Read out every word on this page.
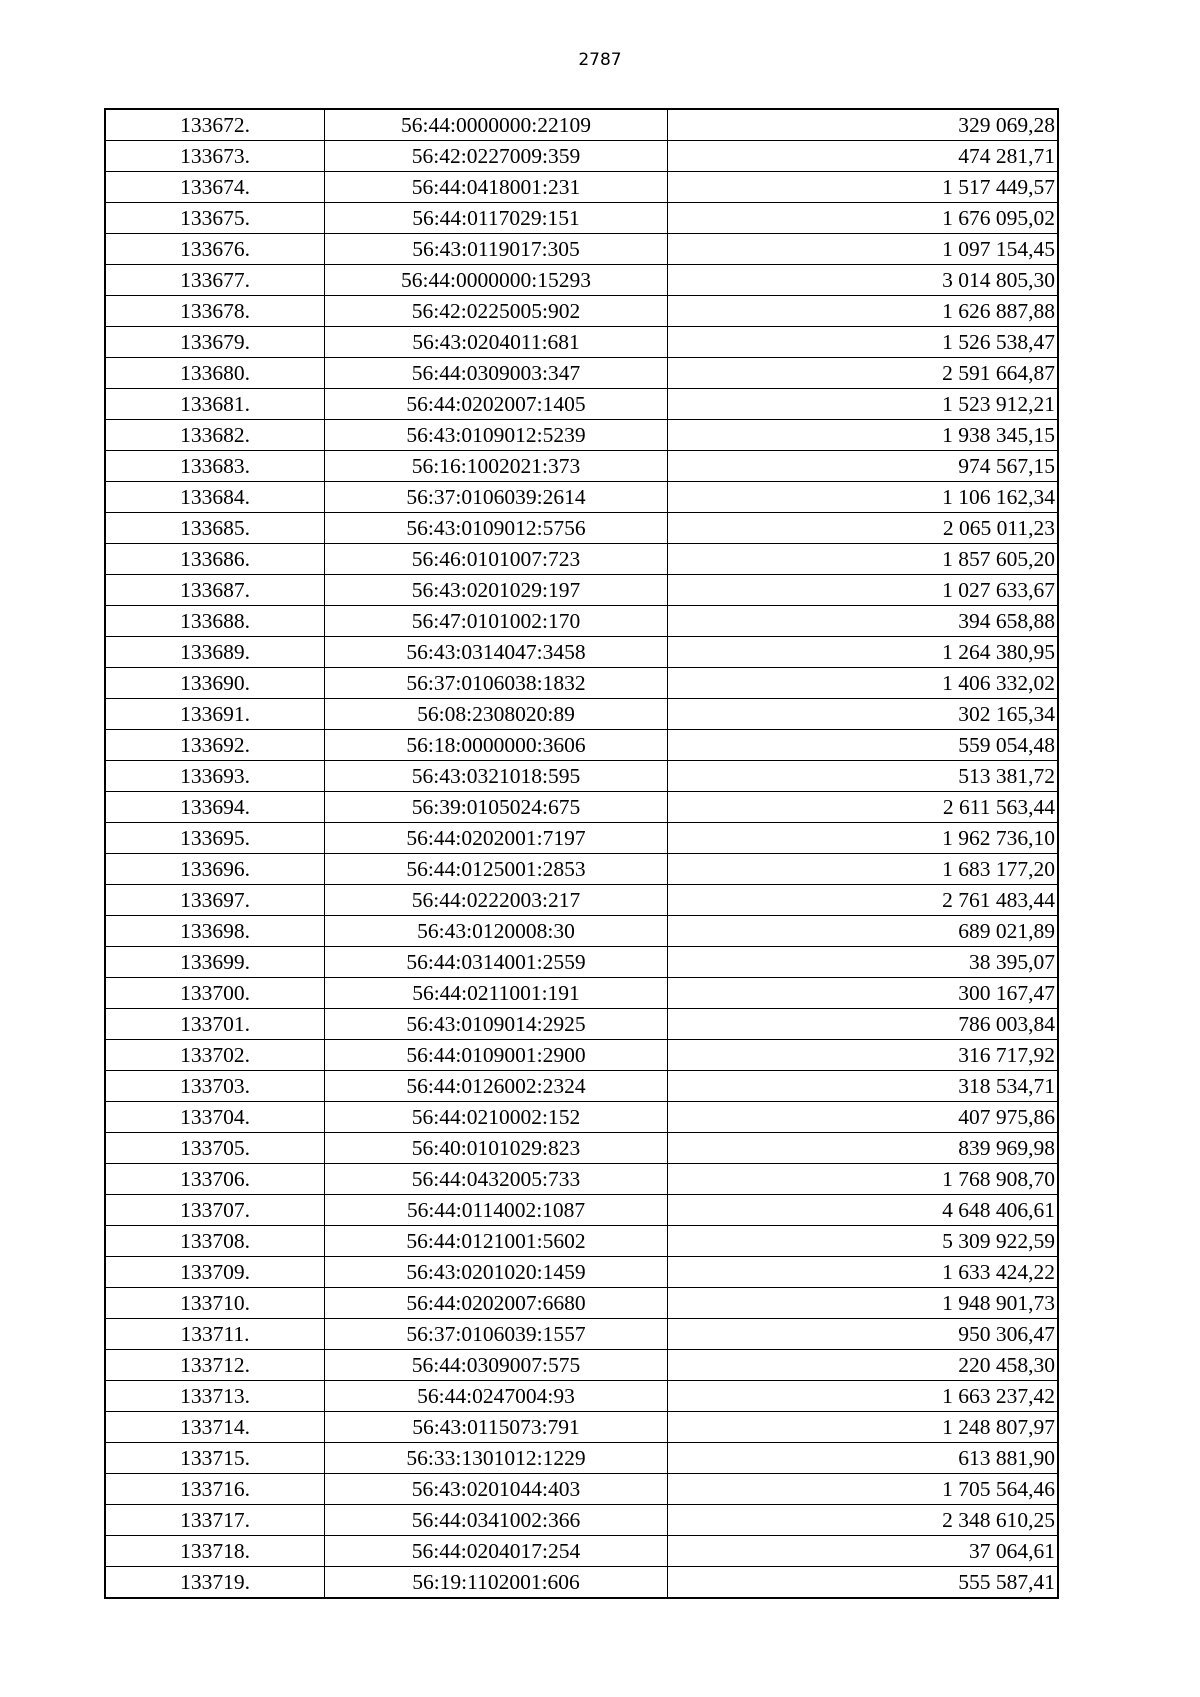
2787
133672.	56:44:0000000:22109	329 069,28
133673.	56:42:0227009:359	474 281,71
133674.	56:44:0418001:231	1 517 449,57
133675.	56:44:0117029:151	1 676 095,02
133676.	56:43:0119017:305	1 097 154,45
133677.	56:44:0000000:15293	3 014 805,30
133678.	56:42:0225005:902	1 626 887,88
133679.	56:43:0204011:681	1 526 538,47
133680.	56:44:0309003:347	2 591 664,87
133681.	56:44:0202007:1405	1 523 912,21
133682.	56:43:0109012:5239	1 938 345,15
133683.	56:16:1002021:373	974 567,15
133684.	56:37:0106039:2614	1 106 162,34
133685.	56:43:0109012:5756	2 065 011,23
133686.	56:46:0101007:723	1 857 605,20
133687.	56:43:0201029:197	1 027 633,67
133688.	56:47:0101002:170	394 658,88
133689.	56:43:0314047:3458	1 264 380,95
133690.	56:37:0106038:1832	1 406 332,02
133691.	56:08:2308020:89	302 165,34
133692.	56:18:0000000:3606	559 054,48
133693.	56:43:0321018:595	513 381,72
133694.	56:39:0105024:675	2 611 563,44
133695.	56:44:0202001:7197	1 962 736,10
133696.	56:44:0125001:2853	1 683 177,20
133697.	56:44:0222003:217	2 761 483,44
133698.	56:43:0120008:30	689 021,89
133699.	56:44:0314001:2559	38 395,07
133700.	56:44:0211001:191	300 167,47
133701.	56:43:0109014:2925	786 003,84
133702.	56:44:0109001:2900	316 717,92
133703.	56:44:0126002:2324	318 534,71
133704.	56:44:0210002:152	407 975,86
133705.	56:40:0101029:823	839 969,98
133706.	56:44:0432005:733	1 768 908,70
133707.	56:44:0114002:1087	4 648 406,61
133708.	56:44:0121001:5602	5 309 922,59
133709.	56:43:0201020:1459	1 633 424,22
133710.	56:44:0202007:6680	1 948 901,73
133711.	56:37:0106039:1557	950 306,47
133712.	56:44:0309007:575	220 458,30
133713.	56:44:0247004:93	1 663 237,42
133714.	56:43:0115073:791	1 248 807,97
133715.	56:33:1301012:1229	613 881,90
133716.	56:43:0201044:403	1 705 564,46
133717.	56:44:0341002:366	2 348 610,25
133718.	56:44:0204017:254	37 064,61
133719.	56:19:1102001:606	555 587,41
